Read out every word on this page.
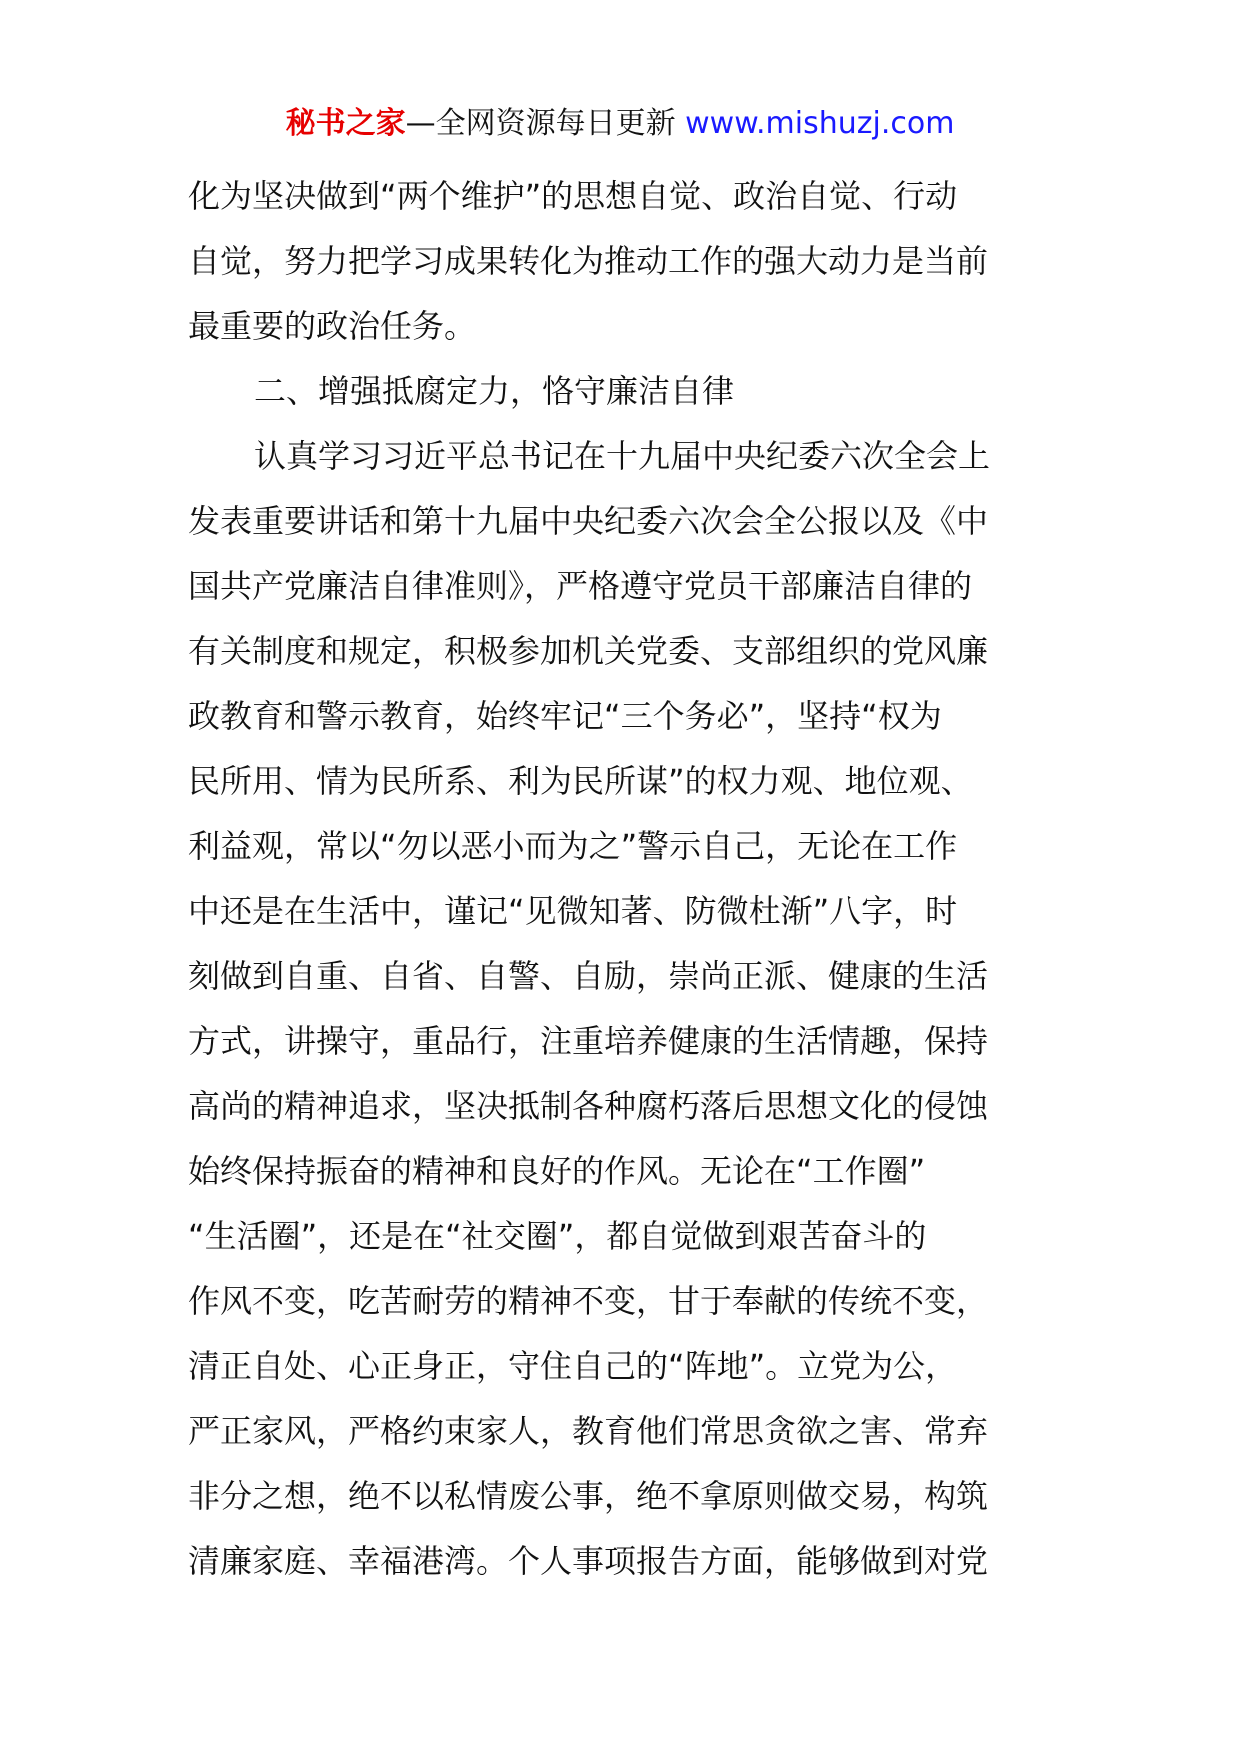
秘书之家—全网资源每日更新 www.mishuzj.com
化为坚决做到“两个维护”的思想自觉、政治自觉、行动
自觉，努力把学习成果转化为推动工作的强大动力是当前
最重要的政治任务。
二、增强抵腐定力，恪守廉洁自律
认真学习习近平总书记在十九届中央纪委六次全会上
发表重要讲话和第十九届中央纪委六次会全公报以及《中
国共产党廉洁自律准则》，严格遵守党员干部廉洁自律的
有关制度和规定，积极参加机关党委、支部组织的党风廉
政教育和警示教育，始终牢记“三个务必”，坚持“权为
民所用、情为民所系、利为民所谋”的权力观、地位观、
利益观，常以“勿以恶小而为之”警示自己，无论在工作
中还是在生活中，谨记“见微知著、防微杜渐”八字，时
刻做到自重、自省、自警、自励，崇尚正派、健康的生活
方式，讲操守，重品行，注重培养健康的生活情趣，保持
高尚的精神追求，坚决抵制各种腐朽落后思想文化的侵蚀
始终保持振奋的精神和良好的作风。无论在“工作圈”
“生活圈”，还是在“社交圈”，都自觉做到艰苦奋斗的
作风不变，吃苦耐劳的精神不变，甘于奉献的传统不变，
清正自处、心正身正，守住自己的“阵地”。立党为公，
严正家风，严格约束家人，教育他们常思贪欲之害、常弃
非分之想，绝不以私情废公事，绝不拿原则做交易，构筑
清廉家庭、幸福港湾。个人事项报告方面，能够做到对党
